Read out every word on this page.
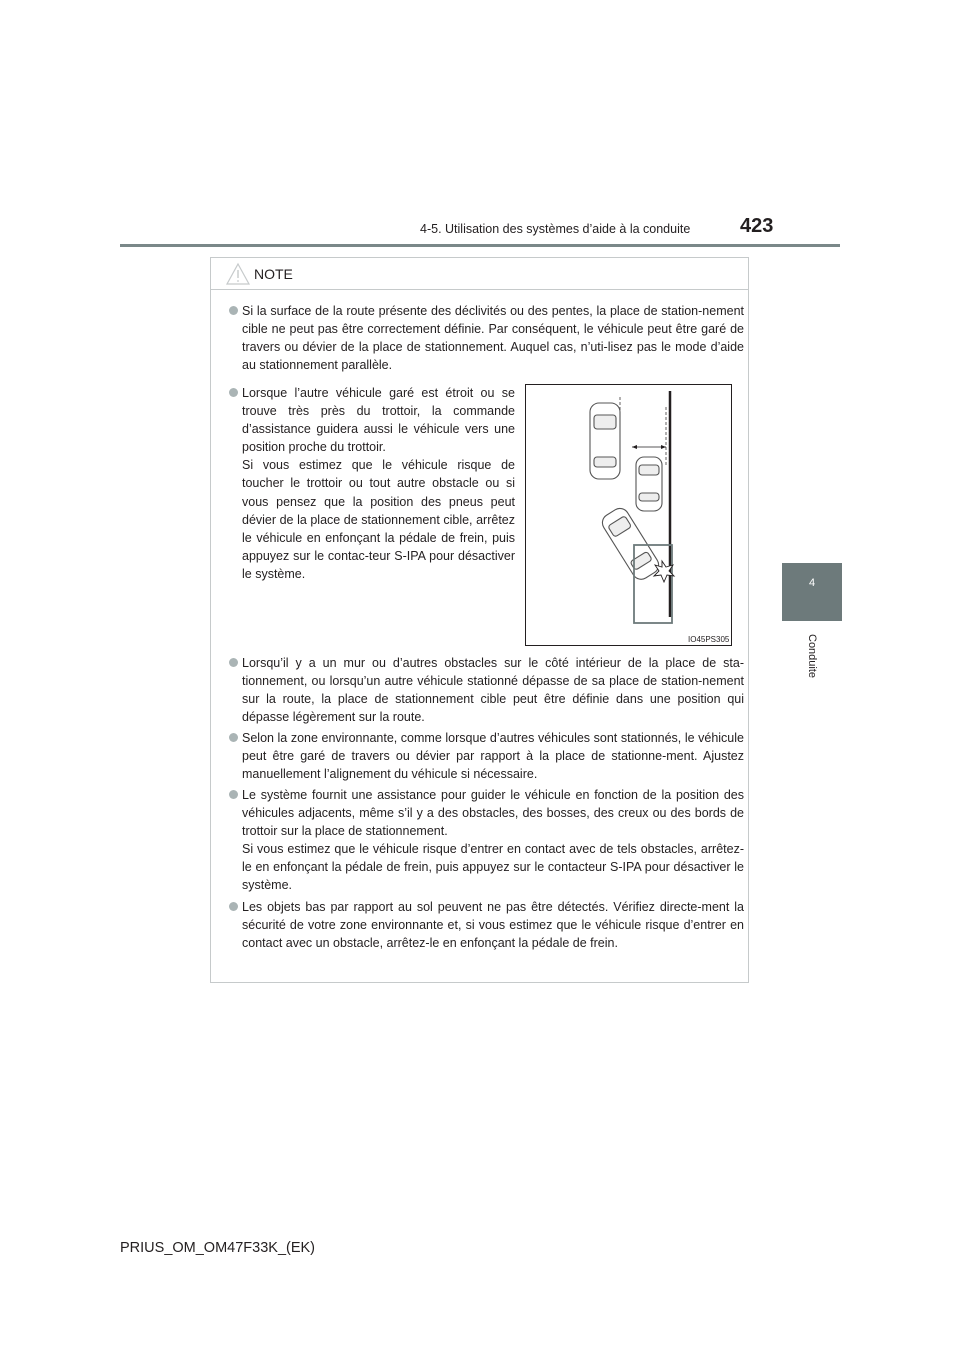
4-5. Utilisation des systèmes d’aide à la conduite 423
4
Conduite
NOTE

Si la surface de la route présente des déclivités ou des pentes, la place de station-nement cible ne peut pas être correctement définie. Par conséquent, le véhicule peut être garé de travers ou dévier de la place de stationnement. Auquel cas, n’uti-lisez pas le mode d’aide au stationnement parallèle.

Lorsque l’autre véhicule garé est étroit ou se trouve très près du trottoir, la commande d’assistance guidera aussi le véhicule vers une position proche du trottoir.

Si vous estimez que le véhicule risque de toucher le trottoir ou tout autre obstacle ou si vous pensez que la position des pneus peut dévier de la place de stationnement cible, arrêtez le véhicule en enfonçant la pédale de frein, puis appuyez sur le contac-teur S-IPA pour désactiver le système.

IO45PS305

Lorsqu’il y a un mur ou d’autres obstacles sur le côté intérieur de la place de sta-tionnement, ou lorsqu’un autre véhicule stationné dépasse de sa place de station-nement sur la route, la place de stationnement cible peut être définie dans une position qui dépasse légèrement sur la route.

Selon la zone environnante, comme lorsque d’autres véhicules sont stationnés, le véhicule peut être garé de travers ou dévier par rapport à la place de stationne-ment. Ajustez manuellement l’alignement du véhicule si nécessaire.

Le système fournit une assistance pour guider le véhicule en fonction de la position des véhicules adjacents, même s’il y a des obstacles, des bosses, des creux ou des bords de trottoir sur la place de stationnement.

Si vous estimez que le véhicule risque d’entrer en contact avec de tels obstacles, arrêtez-le en enfonçant la pédale de frein, puis appuyez sur le contacteur S-IPA pour désactiver le système.

Les objets bas par rapport au sol peuvent ne pas être détectés. Vérifiez directe-ment la sécurité de votre zone environnante et, si vous estimez que le véhicule risque d’entrer en contact avec un obstacle, arrêtez-le en enfonçant la pédale de frein.

PRIUS_OM_OM47F33K_(EK)
